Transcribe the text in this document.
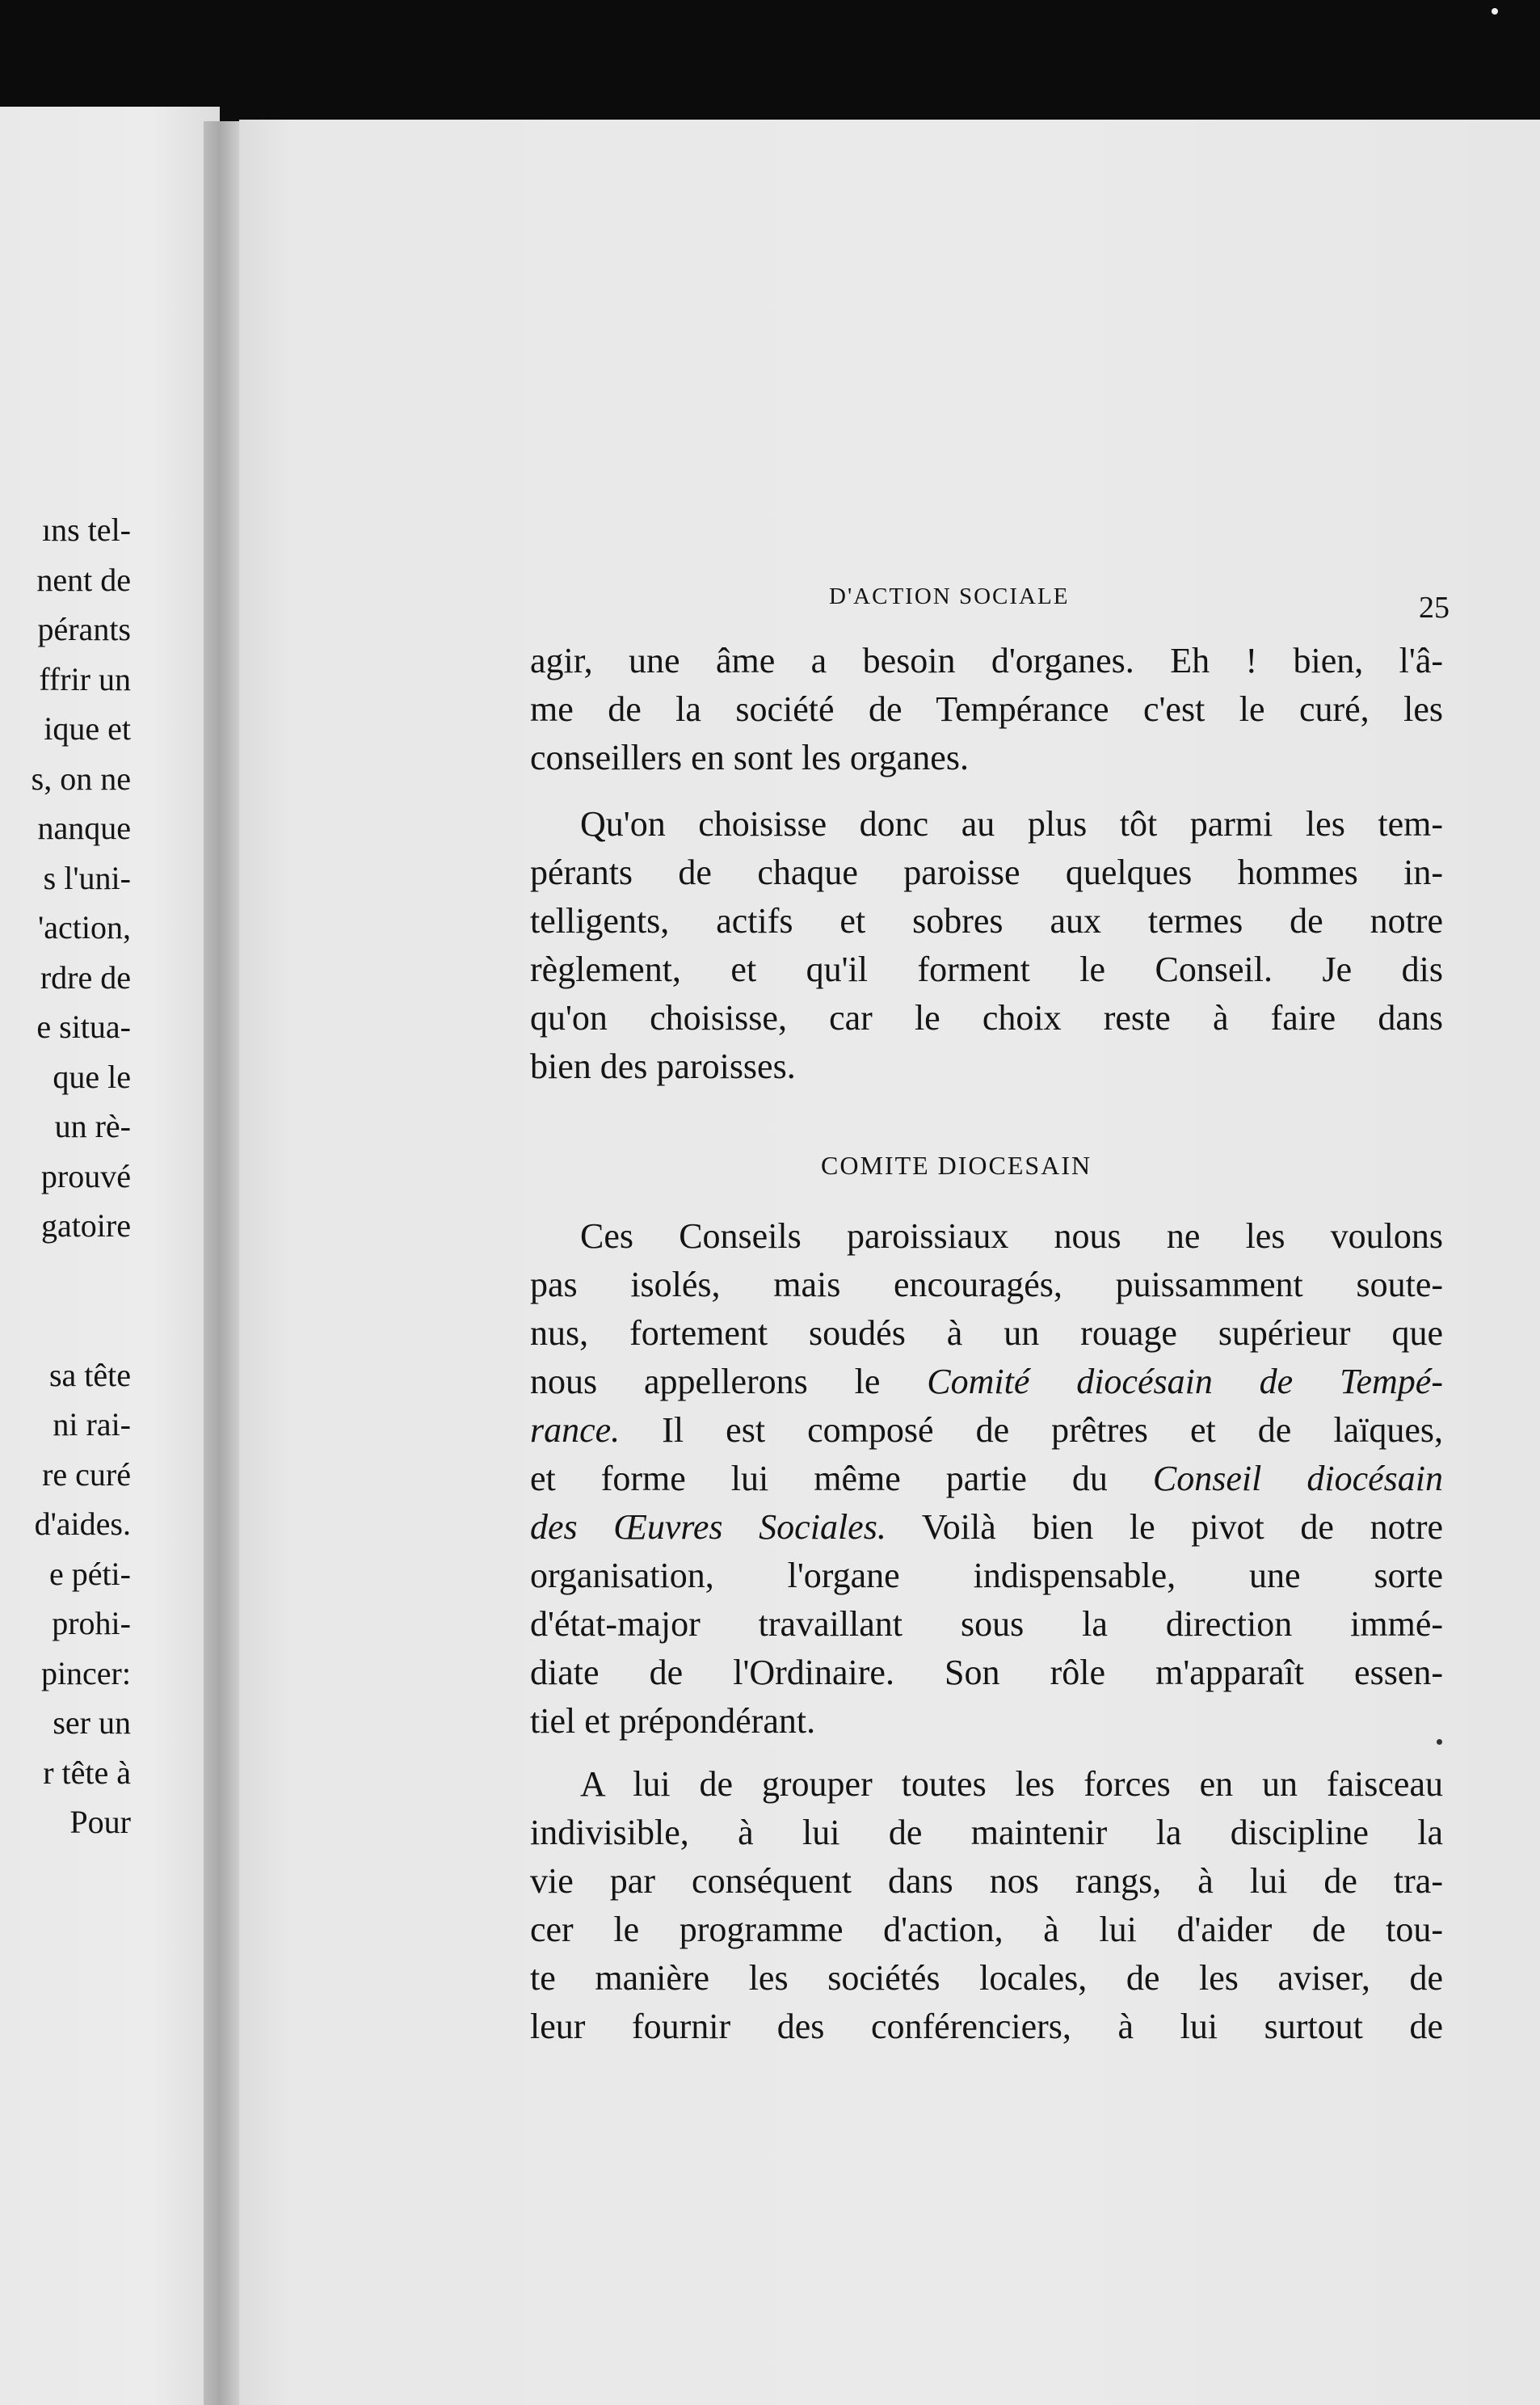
ıns tel-
nent de
pérants
ffrir un
ique et
s, on ne
nanque
s l'uni-
'action,
rdre de
e situa-
que le
un rè-
prouvé
gatoire
sa tête
ni rai-
re curé
d'aides.
e péti-
prohi-
pincer:
ser un
r tête à
Pour
D'ACTION SOCIALE	25
agir, une âme a besoin d'organes. Eh ! bien, l'â-
me de la société de Tempérance c'est le curé, les
conseillers en sont les organes.
Qu'on choisisse donc au plus tôt parmi les tem-
pérants de chaque paroisse quelques hommes in-
telligents, actifs et sobres aux termes de notre
règlement, et qu'il forment le Conseil. Je dis
qu'on choisisse, car le choix reste à faire dans
bien des paroisses.
COMITE DIOCESAIN
Ces Conseils paroissiaux nous ne les voulons
pas isolés, mais encouragés, puissamment soute-
nus, fortement soudés à un rouage supérieur que
nous appellerons le Comité diocésain de Tempé-
rance. Il est composé de prêtres et de laïques,
et forme lui même partie du Conseil diocésain
des Œuvres Sociales. Voilà bien le pivot de notre
organisation, l'organe indispensable, une sorte
d'état-major travaillant sous la direction immé-
diate de l'Ordinaire. Son rôle m'apparaît essen-
tiel et prépondérant.
A lui de grouper toutes les forces en un faisceau
indivisible, à lui de maintenir la discipline la
vie par conséquent dans nos rangs, à lui de tra-
cer le programme d'action, à lui d'aider de tou-
te manière les sociétés locales, de les aviser, de
leur fournir des conférenciers, à lui surtout de
